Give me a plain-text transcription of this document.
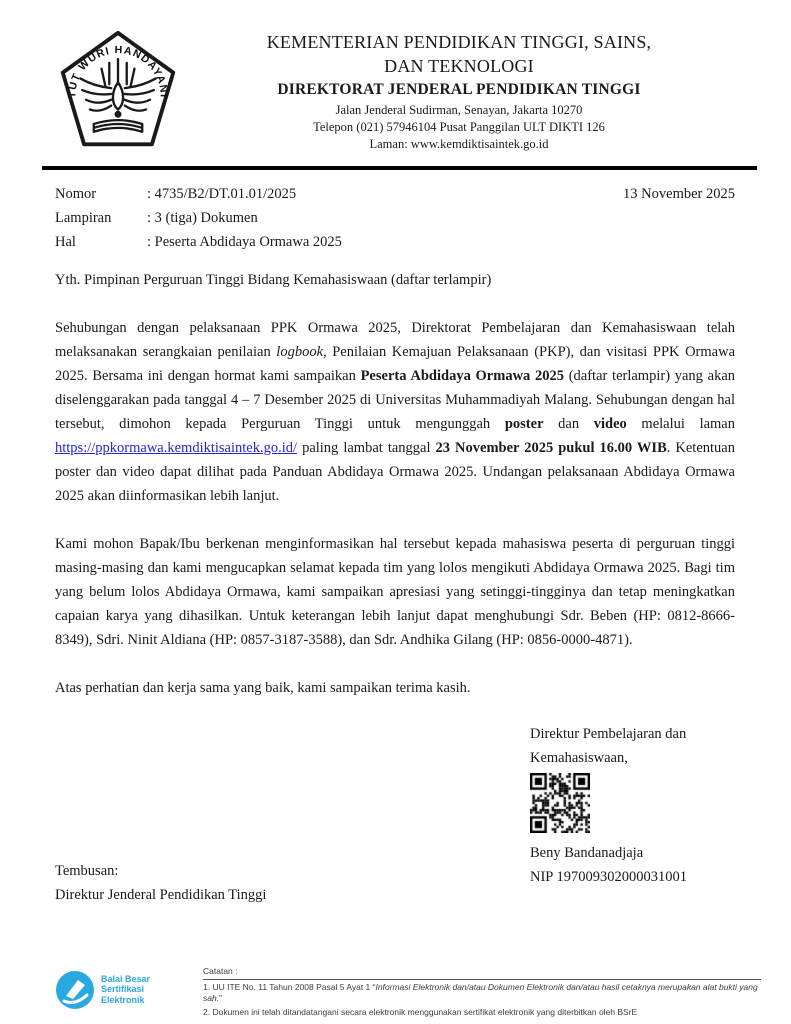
TUT WURI HANDAYANI
KEMENTERIAN PENDIDIKAN TINGGI, SAINS,
DAN TEKNOLOGI
DIREKTORAT JENDERAL PENDIDIKAN TINGGI
Jalan Jenderal Sudirman, Senayan, Jakarta 10270
Telepon (021) 57946104 Pusat Panggilan ULT DIKTI 126
Laman: www.kemdiktisaintek.go.id
Nomor	: 4735/B2/DT.01.01/2025
Lampiran	: 3 (tiga) Dokumen
Hal	: Peserta Abdidaya Ormawa 2025
13 November 2025
Yth. Pimpinan Perguruan Tinggi Bidang Kemahasiswaan (daftar terlampir)

Sehubungan dengan pelaksanaan PPK Ormawa 2025, Direktorat Pembelajaran dan Kemahasiswaan telah melaksanakan serangkaian penilaian logbook, Penilaian Kemajuan Pelaksanaan (PKP), dan visitasi PPK Ormawa 2025. Bersama ini dengan hormat kami sampaikan Peserta Abdidaya Ormawa 2025 (daftar terlampir) yang akan diselenggarakan pada tanggal 4 – 7 Desember 2025 di Universitas Muhammadiyah Malang. Sehubungan dengan hal tersebut, dimohon kepada Perguruan Tinggi untuk mengunggah poster dan video melalui laman https://ppkormawa.kemdiktisaintek.go.id/ paling lambat tanggal 23 November 2025 pukul 16.00 WIB. Ketentuan poster dan video dapat dilihat pada Panduan Abdidaya Ormawa 2025. Undangan pelaksanaan Abdidaya Ormawa 2025 akan diinformasikan lebih lanjut.

Kami mohon Bapak/Ibu berkenan menginformasikan hal tersebut kepada mahasiswa peserta di perguruan tinggi masing-masing dan kami mengucapkan selamat kepada tim yang lolos mengikuti Abdidaya Ormawa 2025. Bagi tim yang belum lolos Abdidaya Ormawa, kami sampaikan apresiasi yang setinggi-tingginya dan tetap meningkatkan capaian karya yang dihasilkan. Untuk keterangan lebih lanjut dapat menghubungi Sdr. Beben (HP: 0812-8666-8349), Sdri. Ninit Aldiana (HP: 0857-3187-3588), dan Sdr. Andhika Gilang (HP: 0856-0000-4871).

Atas perhatian dan kerja sama yang baik, kami sampaikan terima kasih.
Tembusan:
Direktur Jenderal Pendidikan Tinggi
Direktur Pembelajaran dan
Kemahasiswaan,
Beny Bandanadjaja
NIP 197009302000031001
Balai Besar
Sertifikasi
Elektronik
Catatan :
1. UU ITE No. 11 Tahun 2008 Pasal 5 Ayat 1 “Informasi Elektronik dan/atau Dokumen Elektronik dan/atau hasil cetaknya merupakan alat bukti yang sah.”
2. Dokumen ini telah ditandatangani secara elektronik menggunakan sertifikat elektronik yang diterbitkan oleh BSrE
